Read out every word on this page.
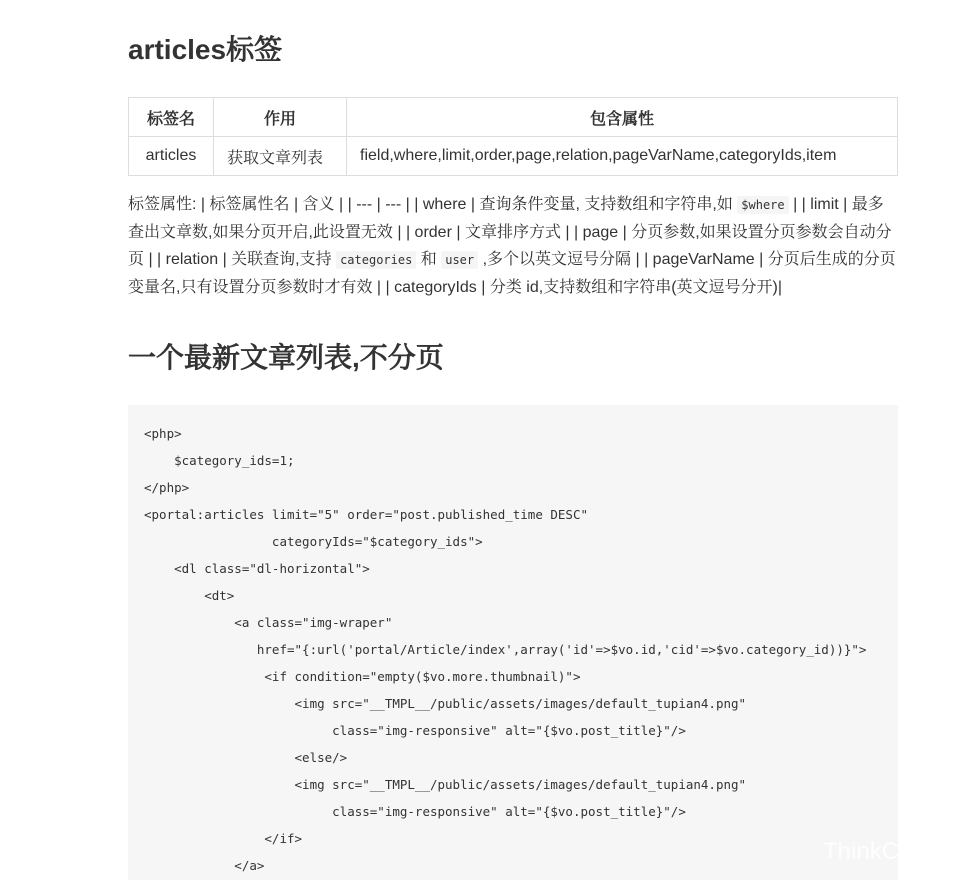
articles标签
标签名	作用	包含属性
articles	获取文章列表	field,where,limit,order,page,relation,pageVarName,categoryIds,item

标签属性: | 标签属性名 | 含义 | | --- | --- | | where | 查询条件变量, 支持数组和字符串,如 $where | | limit | 最多查出文章数,如果分页开启,此设置无效 | | order | 文章排序方式 | | page | 分页参数,如果设置分页参数会自动分页 | | relation | 关联查询,支持 categories 和 user ,多个以英文逗号分隔 | | pageVarName | 分页后生成的分页变量名,只有设置分页参数时才有效 | | categoryIds | 分类 id,支持数组和字符串(英文逗号分开)|

一个最新文章列表,不分页
<php>
$category_ids=1;
</php>
<portal:articles limit="5" order="post.published_time DESC"
categoryIds="$category_ids">
<dl class="dl-horizontal">
<dt>
<a class="img-wraper"
href="{:url('portal/Article/index',array('id'=>$vo.id,'cid'=>$vo.category_id))}">
<if condition="empty($vo.more.thumbnail)">
<img src="__TMPL__/public/assets/images/default_tupian4.png"
class="img-responsive" alt="{$vo.post_title}"/>
<else/>
<img src="__TMPL__/public/assets/images/default_tupian4.png"
class="img-responsive" alt="{$vo.post_title}"/>
</if>
</a>
ThinkC
